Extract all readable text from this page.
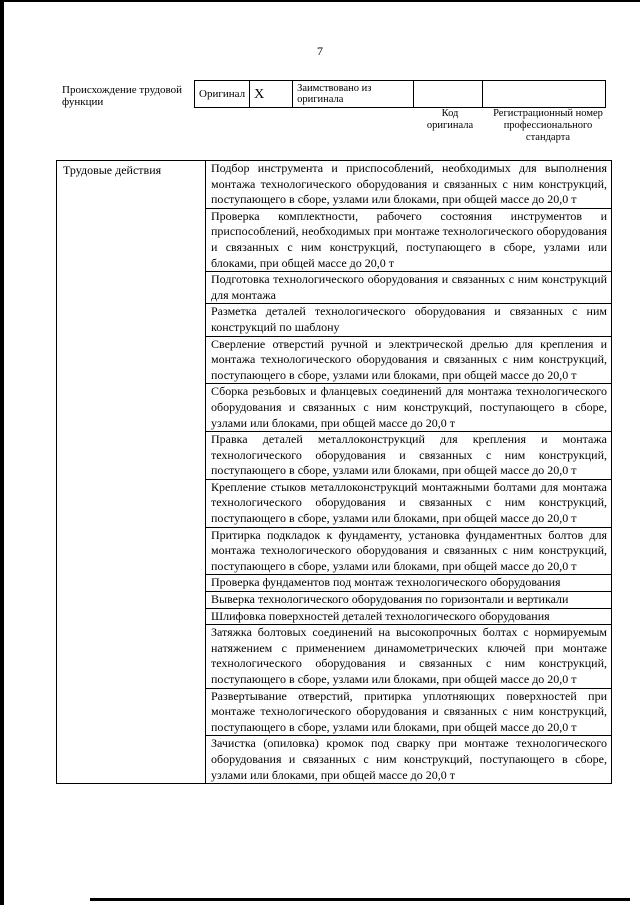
7
Происхождение трудовой функции
Оригинал	X	Заимствовано из оригинала		
Код оригинала
Регистрационный номер профессионального стандарта
Трудовые действия	Подбор инструмента и приспособлений, необходимых для выполнения монтажа технологического оборудования и связанных с ним конструкций, поступающего в сборе, узлами или блоками, при общей массе до 20,0 т
Проверка комплектности, рабочего состояния инструментов и приспособлений, необходимых при монтаже технологического оборудования и связанных с ним конструкций, поступающего в сборе, узлами или блоками, при общей массе до 20,0 т
Подготовка технологического оборудования и связанных с ним конструкций для монтажа
Разметка деталей технологического оборудования и связанных с ним конструкций по шаблону
Сверление отверстий ручной и электрической дрелью для крепления и монтажа технологического оборудования и связанных с ним конструкций, поступающего в сборе, узлами или блоками, при общей массе до 20,0 т
Сборка резьбовых и фланцевых соединений для монтажа технологического оборудования и связанных с ним конструкций, поступающего в сборе, узлами или блоками, при общей массе до 20,0 т
Правка деталей металлоконструкций для крепления и монтажа технологического оборудования и связанных с ним конструкций, поступающего в сборе, узлами или блоками, при общей массе до 20,0 т
Крепление стыков металлоконструкций монтажными болтами для монтажа технологического оборудования и связанных с ним конструкций, поступающего в сборе, узлами или блоками, при общей массе до 20,0 т
Притирка подкладок к фундаменту, установка фундаментных болтов для монтажа технологического оборудования и связанных с ним конструкций, поступающего в сборе, узлами или блоками, при общей массе до 20,0 т
Проверка фундаментов под монтаж технологического оборудования
Выверка технологического оборудования по горизонтали и вертикали
Шлифовка поверхностей деталей технологического оборудования
Затяжка болтовых соединений на высокопрочных болтах с нормируемым натяжением с применением динамометрических ключей при монтаже технологического оборудования и связанных с ним конструкций, поступающего в сборе, узлами или блоками, при общей массе до 20,0 т
Развертывание отверстий, притирка уплотняющих поверхностей при монтаже технологического оборудования и связанных с ним конструкций, поступающего в сборе, узлами или блоками, при общей массе до 20,0 т
Зачистка (опиловка) кромок под сварку при монтаже технологического оборудования и связанных с ним конструкций, поступающего в сборе, узлами или блоками, при общей массе до 20,0 т
